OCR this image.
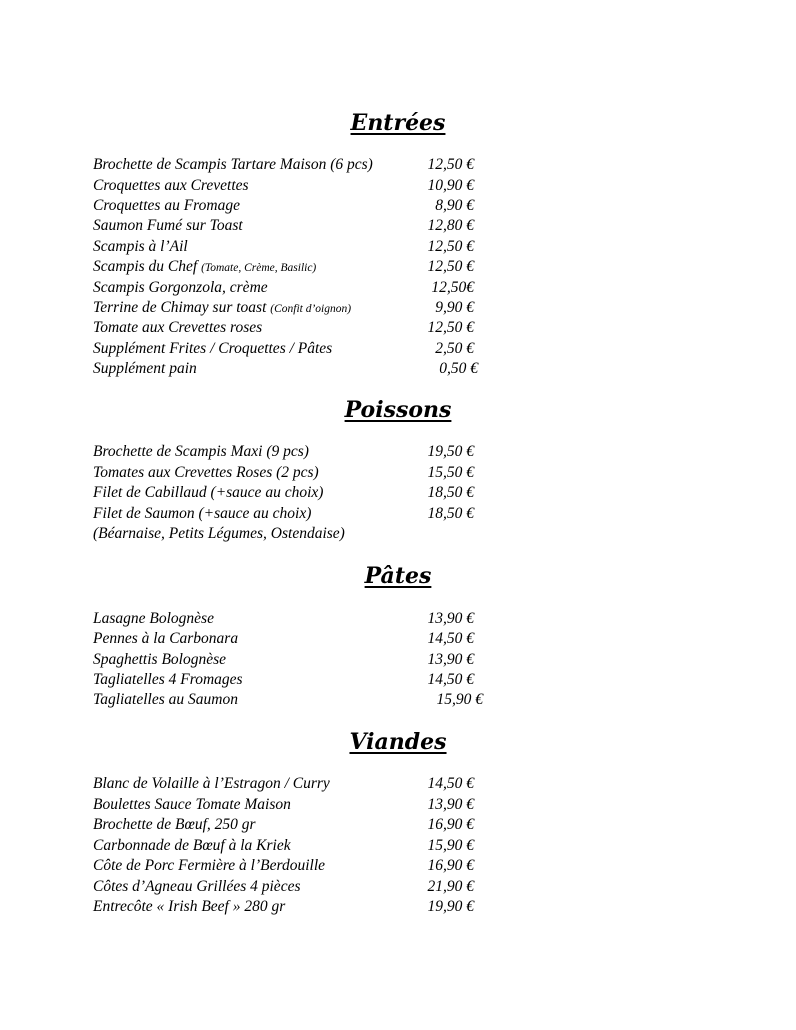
Entrées
Brochette de Scampis Tartare Maison (6 pcs)	12,50 €
Croquettes aux Crevettes	10,90 €
Croquettes au Fromage	8,90 €
Saumon Fumé sur Toast	12,80 €
Scampis à l’Ail	12,50 €
Scampis du Chef (Tomate, Crème, Basilic)	12,50 €
Scampis Gorgonzola, crème	12,50€
Terrine de Chimay sur toast (Confit d’oignon)	9,90 €
Tomate aux Crevettes roses	12,50 €
Supplément Frites / Croquettes / Pâtes	2,50 €
Supplément pain	0,50 €
Poissons
Brochette de Scampis Maxi (9 pcs)	19,50 €
Tomates aux Crevettes Roses (2 pcs)	15,50 €
Filet de Cabillaud (+sauce au choix)	18,50 €
Filet de Saumon (+sauce au choix)	18,50 €
(Béarnaise, Petits Légumes, Ostendaise)
Pâtes
Lasagne Bolognèse	13,90 €
Pennes à la Carbonara	14,50 €
Spaghettis Bolognèse	13,90 €
Tagliatelles 4 Fromages	14,50 €
Tagliatelles au Saumon	15,90 €
Viandes
Blanc de Volaille à l’Estragon / Curry	14,50 €
Boulettes Sauce Tomate Maison	13,90 €
Brochette de Bœuf, 250 gr	16,90 €
Carbonnade de Bœuf à la Kriek	15,90 €
Côte de Porc Fermière à l’Berdouille	16,90 €
Côtes d’Agneau Grillées 4 pièces	21,90 €
Entrecôte « Irish Beef » 280 gr	19,90 €
